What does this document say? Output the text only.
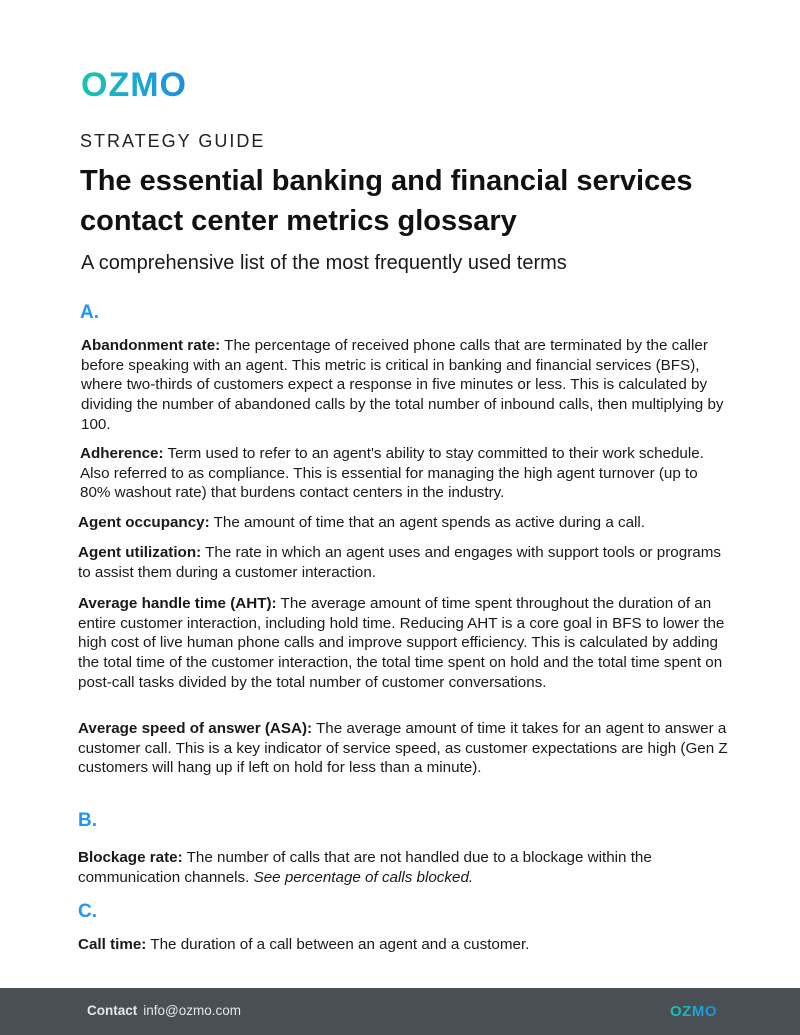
OZMO
STRATEGY GUIDE
The essential banking and financial services contact center metrics glossary
A comprehensive list of the most frequently used terms
A.

Abandonment rate: The percentage of received phone calls that are terminated by the caller before speaking with an agent. This metric is critical in banking and financial services (BFS), where two-thirds of customers expect a response in five minutes or less. This is calculated by dividing the number of abandoned calls by the total number of inbound calls, then multiplying by 100.

Adherence: Term used to refer to an agent's ability to stay committed to their work schedule. Also referred to as compliance. This is essential for managing the high agent turnover (up to 80% washout rate) that burdens contact centers in the industry.

Agent occupancy: The amount of time that an agent spends as active during a call.

Agent utilization: The rate in which an agent uses and engages with support tools or programs to assist them during a customer interaction.

Average handle time (AHT): The average amount of time spent throughout the duration of an entire customer interaction, including hold time. Reducing AHT is a core goal in BFS to lower the high cost of live human phone calls and improve support efficiency. This is calculated by adding the total time of the customer interaction, the total time spent on hold and the total time spent on post-call tasks divided by the total number of customer conversations.

Average speed of answer (ASA): The average amount of time it takes for an agent to answer a customer call. This is a key indicator of service speed, as customer expectations are high (Gen Z customers will hang up if left on hold for less than a minute).

B.

Blockage rate: The number of calls that are not handled due to a blockage within the communication channels. See percentage of calls blocked.

C.

Call time: The duration of a call between an agent and a customer.

Contact info@ozmo.com	OZMO
